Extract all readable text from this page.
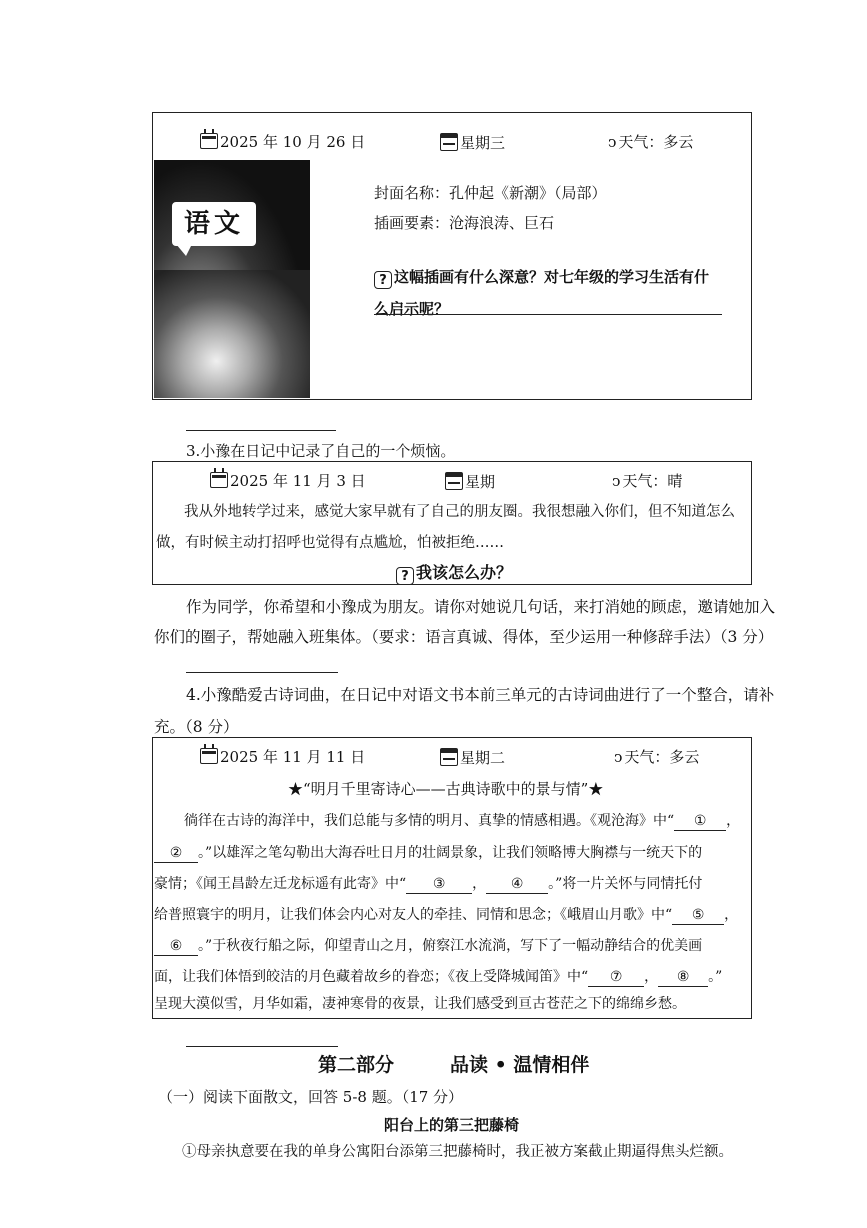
2025 年 10 月 26 日	星期三	ↄ 天气：多云
语文
封面名称：孔仲起《新潮》（局部）
插画要素：沧海浪涛、巨石
? 这幅插画有什么深意？对七年级的学习生活有什
么启示呢？
3.小豫在日记中记录了自己的一个烦恼。
2025 年 11 月 3 日	星期	ↄ 天气：晴
我从外地转学过来，感觉大家早就有了自己的朋友圈。我很想融入你们，但不知道怎么
做，有时候主动打招呼也觉得有点尴尬，怕被拒绝……
? 我该怎么办？
作为同学，你希望和小豫成为朋友。请你对她说几句话，来打消她的顾虑，邀请她加入
你们的圈子，帮她融入班集体。（要求：语言真诚、得体，至少运用一种修辞手法）（3 分）
4.小豫酷爱古诗词曲，在日记中对语文书本前三单元的古诗词曲进行了一个整合，请补
充。（8 分）
2025 年 11 月 11 日	星期二	ↄ 天气：多云
★“明月千里寄诗心——古典诗歌中的景与情”★
徜徉在古诗的海洋中，我们总能与多情的明月、真挚的情感相遇。《观沧海》中“ ① ，
② 。”以雄浑之笔勾勒出大海吞吐日月的壮阔景象，让我们领略博大胸襟与一统天下的
豪情；《闻王昌龄左迁龙标遥有此寄》中“ ③ ， ④ 。”将一片关怀与同情托付
给普照寰宇的明月，让我们体会内心对友人的牵挂、同情和思念；《峨眉山月歌》中“ ⑤ ，
⑥ 。”于秋夜行船之际，仰望青山之月，俯察江水流淌，写下了一幅动静结合的优美画
面，让我们体悟到皎洁的月色藏着故乡的眷恋；《夜上受降城闻笛》中“ ⑦ ， ⑧ 。”
呈现大漠似雪，月华如霜，凄神寒骨的夜景，让我们感受到亘古苍茫之下的绵绵乡愁。
第二部分	品读 • 温情相伴
（一）阅读下面散文，回答 5-8 题。（17 分）
阳台上的第三把藤椅
①母亲执意要在我的单身公寓阳台添第三把藤椅时，我正被方案截止期逼得焦头烂额。
